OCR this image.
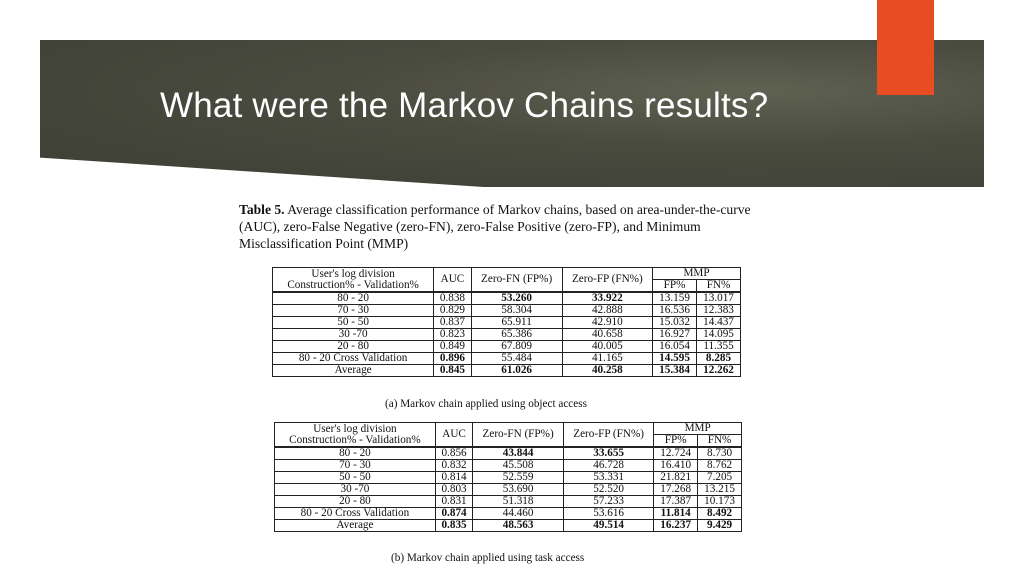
What were the Markov Chains results?
Table 5. Average classification performance of Markov chains, based on area-under-the-curve (AUC), zero-False Negative (zero-FN), zero-False Positive (zero-FP), and Minimum Misclassification Point (MMP)
User's log division
Construction% - Validation%	AUC	Zero-FN (FP%)	Zero-FP (FN%)	MMP	
				FP%	FN%
80 - 20	0.838	53.260	33.922	13.159	13.017
70 - 30	0.829	58.304	42.888	16.536	12.383
50 - 50	0.837	65.911	42.910	15.032	14.437
30 -70	0.823	65.386	40.658	16.927	14.095
20 - 80	0.849	67.809	40.005	16.054	11.355
80 - 20 Cross Validation	0.896	55.484	41.165	14.595	8.285
Average	0.845	61.026	40.258	15.384	12.262
(a) Markov chain applied using object access
User's log division
Construction% - Validation%	AUC	Zero-FN (FP%)	Zero-FP (FN%)	MMP	
				FP%	FN%
80 - 20	0.856	43.844	33.655	12.724	8.730
70 - 30	0.832	45.508	46.728	16.410	8.762
50 - 50	0.814	52.559	53.331	21.821	7.205
30 -70	0.803	53.690	52.520	17.268	13.215
20 - 80	0.831	51.318	57.233	17.387	10.173
80 - 20 Cross Validation	0.874	44.460	53.616	11.814	8.492
Average	0.835	48.563	49.514	16.237	9.429
(b) Markov chain applied using task access
